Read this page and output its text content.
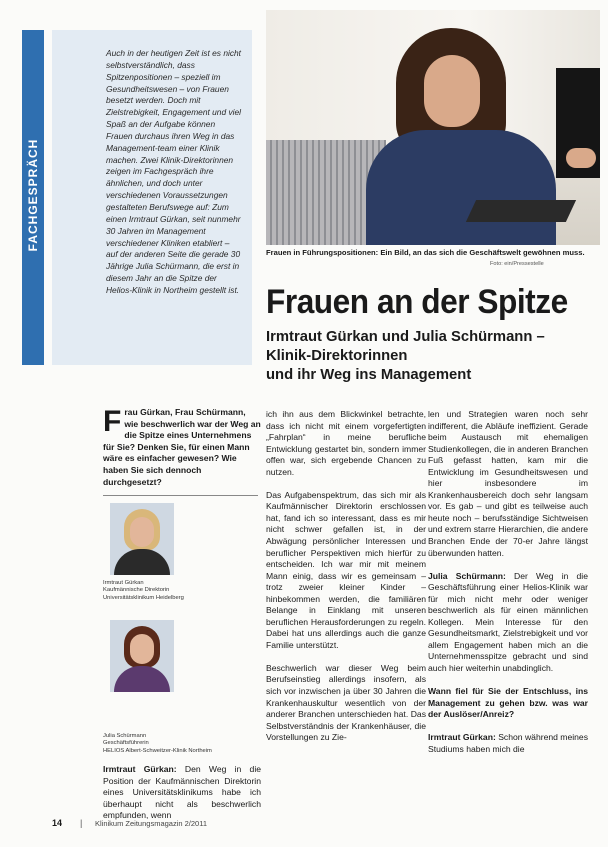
FACHGESPRÄCH

Auch in der heutigen Zeit ist es nicht selbstverständlich, dass Spitzenpositionen – speziell im Gesundheitswesen – von Frauen besetzt werden. Doch mit Zielstrebigkeit, Engagement und viel Spaß an der Aufgabe können Frauen durchaus ihren Weg in das Management-team einer Klinik machen. Zwei Klinik-Direktorinnen zeigen im Fachgespräch ihre ähnlichen, und doch unter verschiedenen Voraussetzungen gestalteten Berufswege auf: Zum einen Irmtraut Gürkan, seit nunmehr 30 Jahren im Management verschiedener Kliniken etabliert – auf der anderen Seite die gerade 30 Jährige Julia Schürmann, die erst in diesem Jahr an die Spitze der Helios-Klinik in Northeim gestellt ist.

Frauen in Führungspositionen: Ein Bild, an das sich die Geschäftswelt gewöhnen muss.
Foto: ein/Pressestelle
Frauen an der Spitze
Irmtraut Gürkan und Julia Schürmann –
Klinik-Direktorinnen
und ihr Weg ins Management
Frau Gürkan, Frau Schürmann, wie beschwerlich war der Weg an die Spitze eines Unternehmens für Sie? Denken Sie, für einen Mann wäre es einfacher gewesen? Wie haben Sie sich dennoch durchgesetzt?
Irmtraut Gürkan
Kaufmännische Direktorin
Universitätsklinikum Heidelberg
Julia Schürmann
Geschäftsführerin
HELIOS Albert-Schweitzer-Klinik Northeim

Irmtraut Gürkan: Den Weg in die Position der Kaufmännischen Direktorin eines Universitätsklinikums habe ich überhaupt nicht als beschwerlich empfunden, wenn

ich ihn aus dem Blickwinkel betrachte, dass ich nicht mit einem vorgefertigten „Fahrplan“ in meine berufliche Entwicklung gestartet bin, sondern immer offen war, sich ergebende Chancen zu nutzen.

Das Aufgabenspektrum, das sich mir als Kaufmännischer Direktorin erschlossen hat, fand ich so interessant, dass es mir nicht schwer gefallen ist, in der Abwägung persönlicher Interessen und beruflicher Perspektiven mich hierfür zu entscheiden. Ich war mir mit meinem Mann einig, dass wir es gemeinsam – trotz zweier kleiner Kinder – hinbekommen werden, die familiären Belange in Einklang mit unseren beruflichen Herausforderungen zu regeln. Dabei hat uns allerdings auch die ganze Familie unterstützt.

Beschwerlich war dieser Weg beim Berufseinstieg allerdings insofern, als sich vor inzwischen ja über 30 Jahren die Krankenhauskultur wesentlich von der anderer Branchen unterschieden hat. Das Selbstverständnis der Krankenhäuser, die Vorstellungen zu Zie-

len und Strategien waren noch sehr indifferent, die Abläufe ineffizient. Gerade beim Austausch mit ehemaligen Studienkollegen, die in anderen Branchen Fuß gefasst hatten, kam mir die Entwicklung im Gesundheitswesen und hier insbesondere im Krankenhausbereich doch sehr langsam vor. Es gab – und gibt es teilweise auch heute noch – berufsständige Sichtweisen und extrem starre Hierarchien, die andere Branchen Ende der 70-er Jahre längst überwunden hatten.

Julia Schürmann: Der Weg in die Geschäftsführung einer Helios-Klinik war für mich nicht mehr oder weniger beschwerlich als für einen männlichen Kollegen. Mein Interesse für den Gesundheitsmarkt, Zielstrebigkeit und vor allem Engagement haben mich an die Unternehmensspitze gebracht und sind auch hier weiterhin unabdinglich.

Wann fiel für Sie der Entschluss, ins Management zu gehen bzw. was war der Auslöser/Anreiz?

Irmtraut Gürkan: Schon während meines Studiums haben mich die

14 | Klinikum Zeitungsmagazin 2/2011
